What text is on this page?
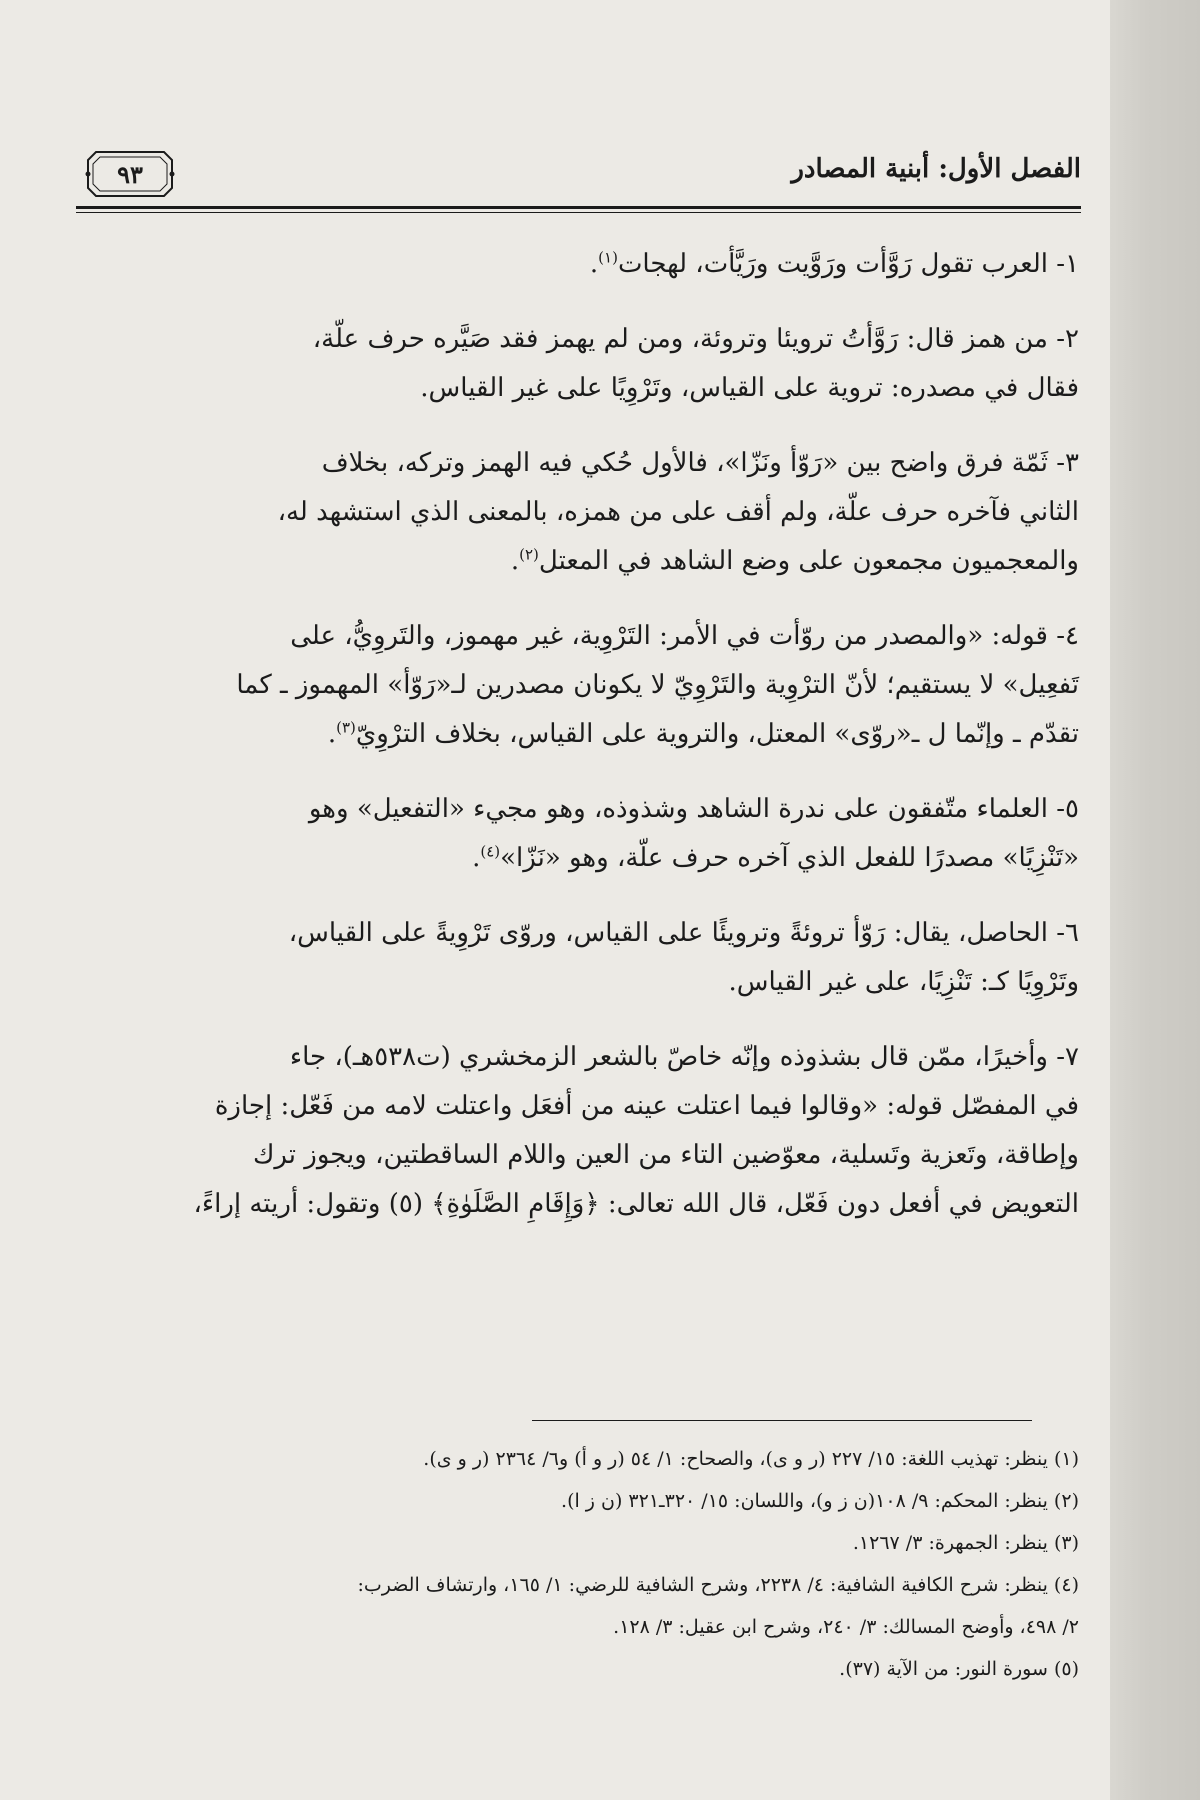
٩٣	الفصل الأول: أبنية المصادر

١- العرب تقول رَوَّأت ورَوَّيت ورَيَّأت، لهجات$^{(١)}$.

٢- من همز قال: رَوَّأتُ ترويئا وتروئة، ومن لم يهمز فقد صَيَّره حرف علّة،
فقال في مصدره: تروية على القياس، وتَرْوِيًا على غير القياس.

٣- ثَمّة فرق واضح بين «رَوّأ ونَزّا»، فالأول حُكي فيه الهمز وتركه، بخلاف
الثاني فآخره حرف علّة، ولم أقف على من همزه، بالمعنى الذي استشهد له،
والمعجميون مجمعون على وضع الشاهد في المعتل$^{(٢)}$.

٤- قوله: «والمصدر من روّأت في الأمر: التَرْوِية، غير مهموز، والتَروِيُّ، على
تَفعِيل» لا يستقيم؛ لأنّ الترْوِية والتَرْوِيّ لا يكونان مصدرين لـ«رَوّأ» المهموز ـ كما
تقدّم ـ وإنّما ل ـ«روّى» المعتل، والتروية على القياس، بخلاف الترْوِيّ$^{(٣)}$.

٥- العلماء متّفقون على ندرة الشاهد وشذوذه، وهو مجيء «التفعيل» وهو
«تَنْزِيًا» مصدرًا للفعل الذي آخره حرف علّة، وهو «نَزّا»$^{(٤)}$.

٦- الحاصل، يقال: رَوّأ تروئةً وترويئًا على القياس، وروّى تَرْوِيةً على القياس،
وتَرْوِيًا كـ: تَنْزِيًا، على غير القياس.

٧- وأخيرًا، ممّن قال بشذوذه وإنّه خاصّ بالشعر الزمخشري (ت٥٣٨هـ)، جاء
في المفصّل قوله: «وقالوا فيما اعتلت عينه من أفعَل واعتلت لامه من فَعّل: إجازة
وإطاقة، وتَعزية وتَسلية، معوّضين التاء من العين واللام الساقطتين، ويجوز ترك
التعويض في أفعل دون فَعّل، قال الله تعالى: ﴿وَإِقَامِ الصَّلَوٰةِ﴾ (٥) وتقول: أريته إراءً،

(١) ينظر: تهذيب اللغة: ١٥/ ٢٢٧ (ر و ى)، والصحاح: ١/ ٥٤ (ر و أ) و٦/ ٢٣٦٤ (ر و ى).
(٢) ينظر: المحكم: ٩/ ١٠٨(ن ز و)، واللسان: ١٥/ ٣٢٠ـ٣٢١ (ن ز ا).
(٣) ينظر: الجمهرة: ٣/ ١٢٦٧.
(٤) ينظر: شرح الكافية الشافية: ٤/ ٢٢٣٨، وشرح الشافية للرضي: ١/ ١٦٥، وارتشاف الضرب:
٢/ ٤٩٨، وأوضح المسالك: ٣/ ٢٤٠، وشرح ابن عقيل: ٣/ ١٢٨.
(٥) سورة النور: من الآية (٣٧).
